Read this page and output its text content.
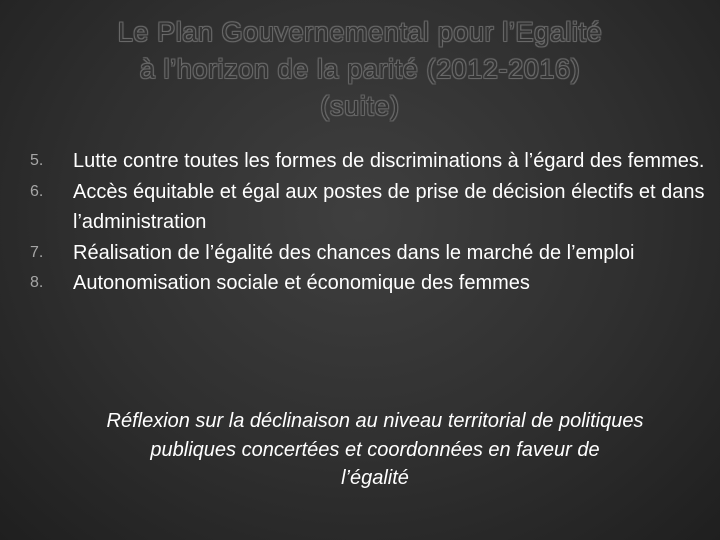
Le Plan Gouvernemental pour l’Egalité
à l’horizon de la parité (2012-2016)
(suite)
5. Lutte contre toutes les formes de discriminations à l’égard des femmes.
6. Accès équitable et égal aux postes de prise de décision électifs et dans l’administration
7. Réalisation de l’égalité des chances dans le marché de l’emploi
8. Autonomisation sociale et économique des femmes
Réflexion sur la déclinaison au niveau territorial de politiques
publiques concertées et coordonnées en faveur de
l’égalité
